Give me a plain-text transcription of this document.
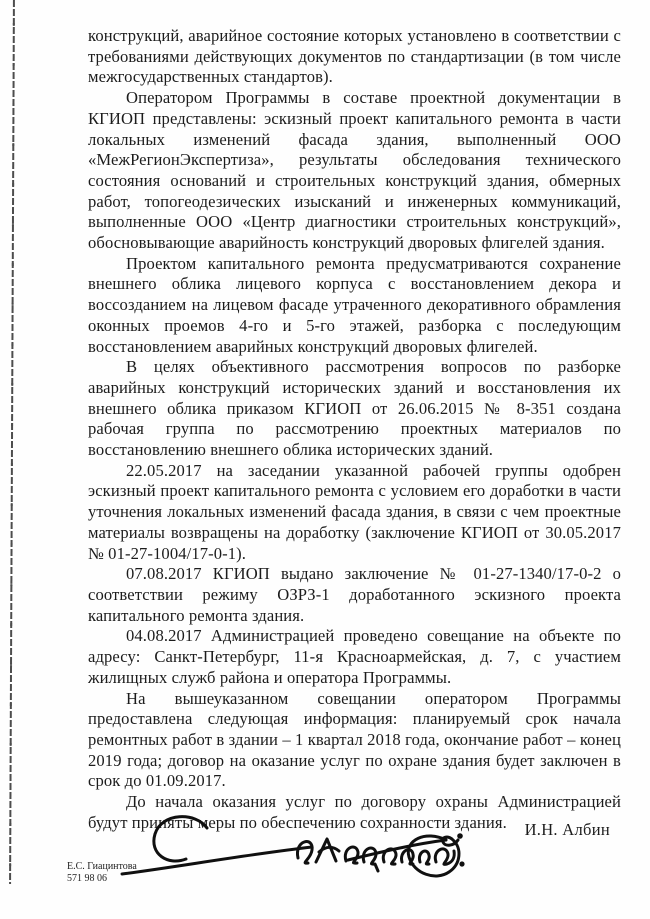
конструкций, аварийное состояние которых установлено в соответствии с требованиями действующих документов по стандартизации (в том числе межгосударственных стандартов).

Оператором Программы в составе проектной документации в КГИОП представлены: эскизный проект капитального ремонта в части локальных изменений фасада здания, выполненный ООО «МежРегионЭкспертиза», результаты обследования технического состояния оснований и строительных конструкций здания, обмерных работ, топогеодезических изысканий и инженерных коммуникаций, выполненные ООО «Центр диагностики строительных конструкций», обосновывающие аварийность конструкций дворовых флигелей здания.

Проектом капитального ремонта предусматриваются сохранение внешнего облика лицевого корпуса с восстановлением декора и воссозданием на лицевом фасаде утраченного декоративного обрамления оконных проемов 4-го и 5-го этажей, разборка с последующим восстановлением аварийных конструкций дворовых флигелей.

В целях объективного рассмотрения вопросов по разборке аварийных конструкций исторических зданий и восстановления их внешнего облика приказом КГИОП от 26.06.2015 № 8-351 создана рабочая группа по рассмотрению проектных материалов по восстановлению внешнего облика исторических зданий.

22.05.2017 на заседании указанной рабочей группы одобрен эскизный проект капитального ремонта с условием его доработки в части уточнения локальных изменений фасада здания, в связи с чем проектные материалы возвращены на доработку (заключение КГИОП от 30.05.2017 № 01-27-1004/17-0-1).

07.08.2017 КГИОП выдано заключение № 01-27-1340/17-0-2 о соответствии режиму ОЗРЗ-1 доработанного эскизного проекта капитального ремонта здания.

04.08.2017 Администрацией проведено совещание на объекте по адресу: Санкт-Петербург, 11-я Красноармейская, д. 7, с участием жилищных служб района и оператора Программы.

На вышеуказанном совещании оператором Программы предоставлена следующая информация: планируемый срок начала ремонтных работ в здании – 1 квартал 2018 года, окончание работ – конец 2019 года; договор на оказание услуг по охране здания будет заключен в срок до 01.09.2017.

До начала оказания услуг по договору охраны Администрацией будут приняты меры по обеспечению сохранности здания.	И.Н. Албин
Е.С. Гиацинтова
571 98 06
